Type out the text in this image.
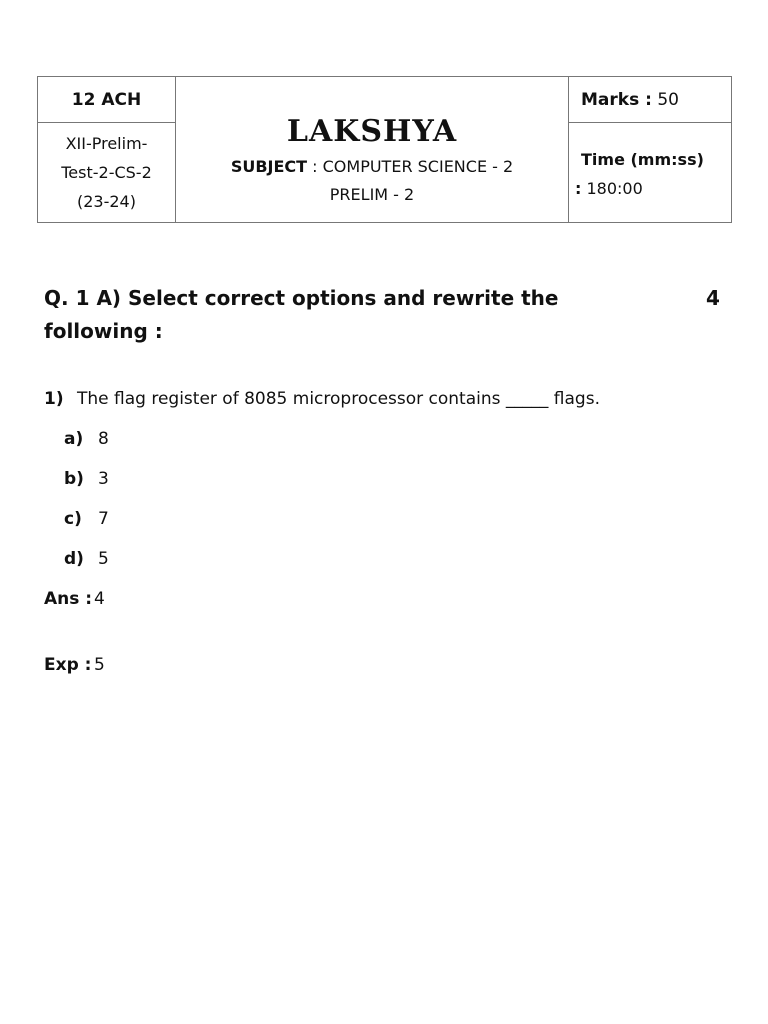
12 ACH
XII-Prelim-
Test-2-CS-2
(23-24)
LAKSHYA
SUBJECT : COMPUTER SCIENCE - 2
PRELIM - 2
Marks : 50
Time (mm:ss)
: 180:00
Q. 1 A) Select correct options and rewrite the following :
4
1) The flag register of 8085 microprocessor contains _____ flags.
a) 8
b) 3
c) 7
d) 5
Ans : 4
Exp : 5
